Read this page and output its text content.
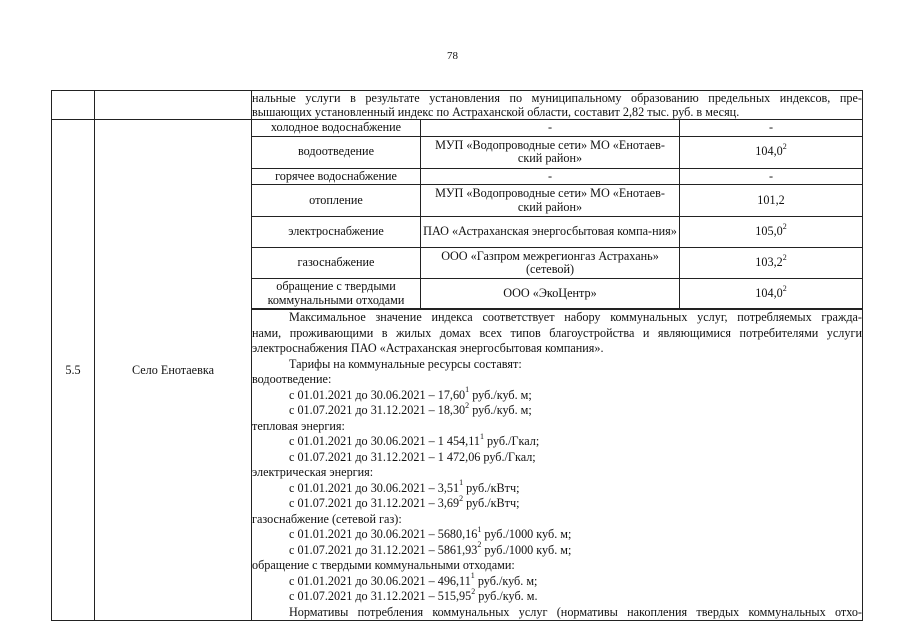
78

нальные услуги в результате установления по муниципальному образованию предельных индексов, пре-
вышающих установленный индекс по Астраханской области, составит 2,82 тыс. руб. в месяц.

5.5	Село Енотаевка	
холодное водоснабжение	-	-
водоотведение	МУП «Водопроводные сети» МО «Енотаев-ский район»	104,0$^2$
горячее водоснабжение	-	-
отопление	МУП «Водопроводные сети» МО «Енотаев-ский район»	101,2
электроснабжение	ПАО «Астраханская энергосбытовая компа-ния»	105,0$^2$
газоснабжение	ООО «Газпром межрегионгаз Астрахань» (сетевой)	103,2$^2$
обращение с твердыми коммунальными отходами	ООО «ЭкоЦентр»	104,0$^2$

Максимальное значение индекса соответствует набору коммунальных услуг, потребляемых гражда-
нами, проживающими в жилых домах всех типов благоустройства и являющимися потребителями услуги
электроснабжения ПАО «Астраханская энергосбытовая компания».
Тарифы на коммунальные ресурсы составят:
водоотведение:
с 01.01.2021 до 30.06.2021 – 17,60$^1$ руб./куб. м;
с 01.07.2021 до 31.12.2021 – 18,30$^2$ руб./куб. м;
тепловая энергия:
с 01.01.2021 до 30.06.2021 – 1 454,11$^1$ руб./Гкал;
с 01.07.2021 до 31.12.2021 – 1 472,06 руб./Гкал;
электрическая энергия:
с 01.01.2021 до 30.06.2021 – 3,51$^1$ руб./кВтч;
с 01.07.2021 до 31.12.2021 – 3,69$^2$ руб./кВтч;
газоснабжение (сетевой газ):
с 01.01.2021 до 30.06.2021 – 5680,16$^1$ руб./1000 куб. м;
с 01.07.2021 до 31.12.2021 – 5861,93$^2$ руб./1000 куб. м;
обращение с твердыми коммунальными отходами:
с 01.01.2021 до 30.06.2021 – 496,11$^1$ руб./куб. м;
с 01.07.2021 до 31.12.2021 – 515,95$^2$ руб./куб. м.
Нормативы потребления коммунальных услуг (нормативы накопления твердых коммунальных отхо-
